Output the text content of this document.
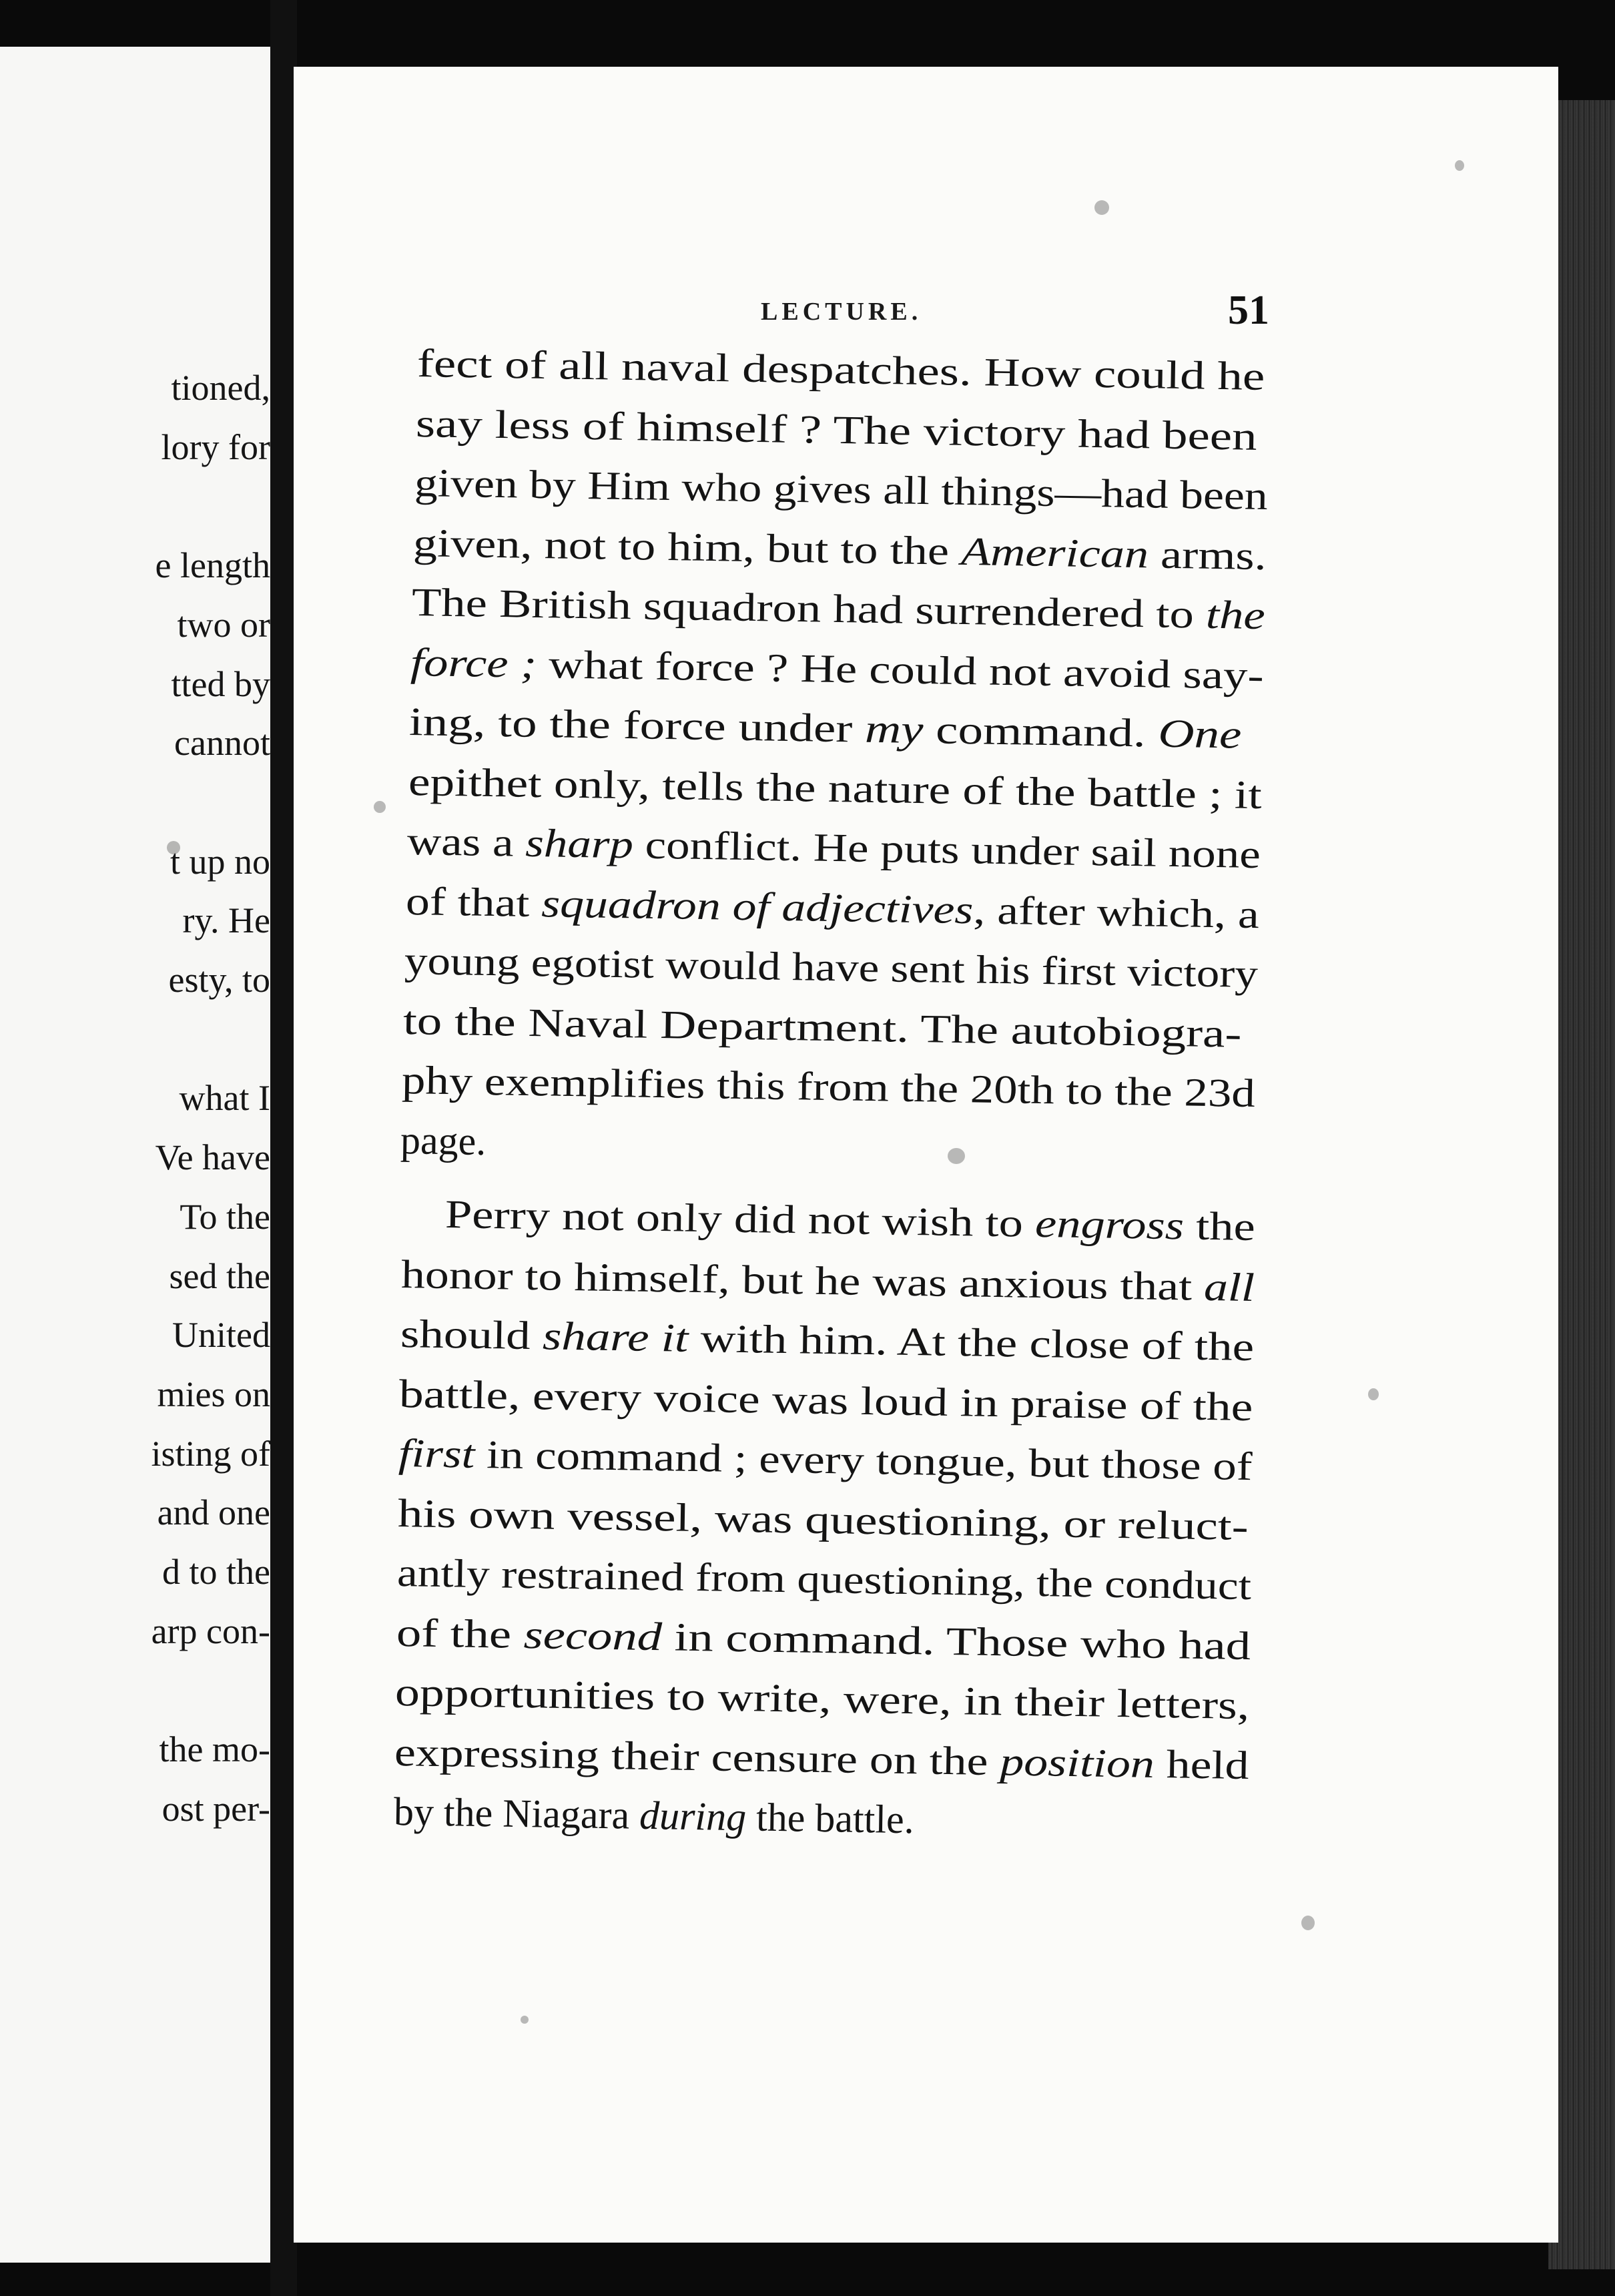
tioned,
lory for
e length
two or
tted by
cannot
t up no
ry. He
esty, to
what I
Ve have
To the
sed the
United
mies on
isting of
and one
d to the
arp con-
the mo-
ost per-
LECTURE.	51
fect of all naval despatches. How could he
say less of himself ? The victory had been
given by Him who gives all things—had been
given, not to him, but to the American arms.
The British squadron had surrendered to the
force ; what force ? He could not avoid say-
ing, to the force under my command. One
epithet only, tells the nature of the battle ; it
was a sharp conflict. He puts under sail none
of that squadron of adjectives, after which, a
young egotist would have sent his first victory
to the Naval Department. The autobiogra-
phy exemplifies this from the 20th to the 23d
page.
Perry not only did not wish to engross the
honor to himself, but he was anxious that all
should share it with him. At the close of the
battle, every voice was loud in praise of the
first in command ; every tongue, but those of
his own vessel, was questioning, or reluct-
antly restrained from questioning, the conduct
of the second in command. Those who had
opportunities to write, were, in their letters,
expressing their censure on the position held
by the Niagara during the battle.
